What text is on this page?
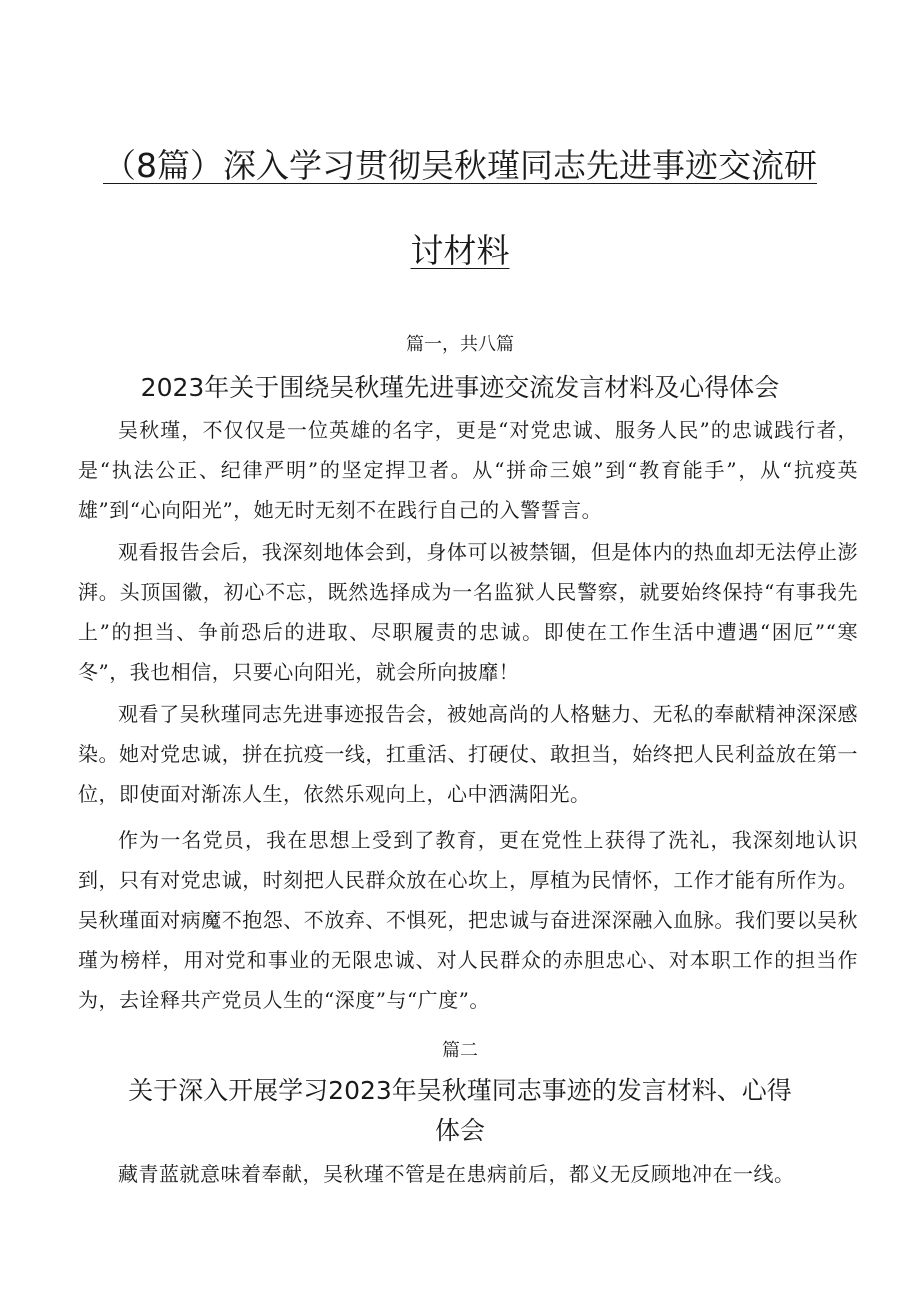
（8篇）深入学习贯彻吴秋瑾同志先进事迹交流研
讨材料

篇一，共八篇

2023年关于围绕吴秋瑾先进事迹交流发言材料及心得体会

吴秋瑾，不仅仅是一位英雄的名字，更是“对党忠诚、服务人民”的忠诚践行者，是“执法公正、纪律严明”的坚定捍卫者。从“拼命三娘”到“教育能手”，从“抗疫英雄”到“心向阳光”，她无时无刻不在践行自己的入警誓言。

观看报告会后，我深刻地体会到，身体可以被禁锢，但是体内的热血却无法停止澎湃。头顶国徽，初心不忘，既然选择成为一名监狱人民警察，就要始终保持“有事我先上”的担当、争前恐后的进取、尽职履责的忠诚。即使在工作生活中遭遇“困厄”“寒冬”，我也相信，只要心向阳光，就会所向披靡！

观看了吴秋瑾同志先进事迹报告会，被她高尚的人格魅力、无私的奉献精神深深感染。她对党忠诚，拼在抗疫一线，扛重活、打硬仗、敢担当，始终把人民利益放在第一位，即使面对渐冻人生，依然乐观向上，心中洒满阳光。

作为一名党员，我在思想上受到了教育，更在党性上获得了洗礼，我深刻地认识到，只有对党忠诚，时刻把人民群众放在心坎上，厚植为民情怀，工作才能有所作为。吴秋瑾面对病魔不抱怨、不放弃、不惧死，把忠诚与奋进深深融入血脉。我们要以吴秋瑾为榜样，用对党和事业的无限忠诚、对人民群众的赤胆忠心、对本职工作的担当作为，去诠释共产党员人生的“深度”与“广度”。

篇二

关于深入开展学习2023年吴秋瑾同志事迹的发言材料、心得
体会

藏青蓝就意味着奉献，吴秋瑾不管是在患病前后，都义无反顾地冲在一线。
